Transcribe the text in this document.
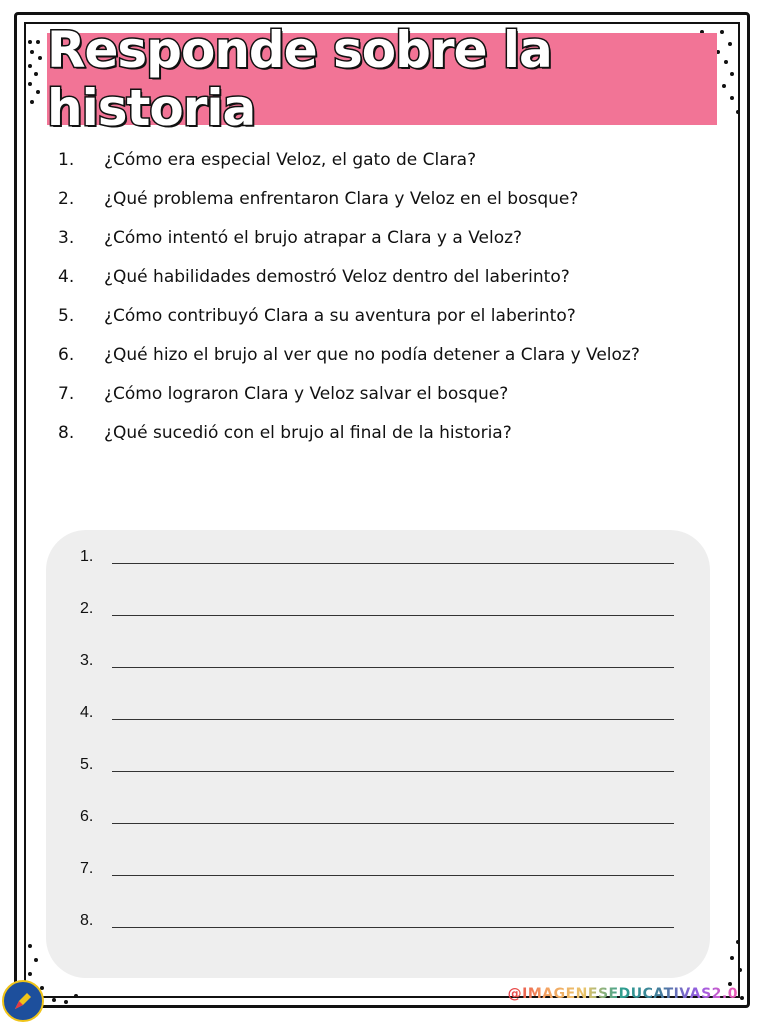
Responde sobre la historia
1.	¿Cómo era especial Veloz, el gato de Clara?
2.	¿Qué problema enfrentaron Clara y Veloz en el bosque?
3.	¿Cómo intentó el brujo atrapar a Clara y a Veloz?
4.	¿Qué habilidades demostró Veloz dentro del laberinto?
5.	¿Cómo contribuyó Clara a su aventura por el laberinto?
6.	¿Qué hizo el brujo al ver que no podía detener a Clara y Veloz?
7.	¿Cómo lograron Clara y Veloz salvar el bosque?
8.	¿Qué sucedió con el brujo al final de la historia?
1.
2.
3.
4.
5.
6.
7.
8.
@IMAGENESEDUCATIVAS2.0
